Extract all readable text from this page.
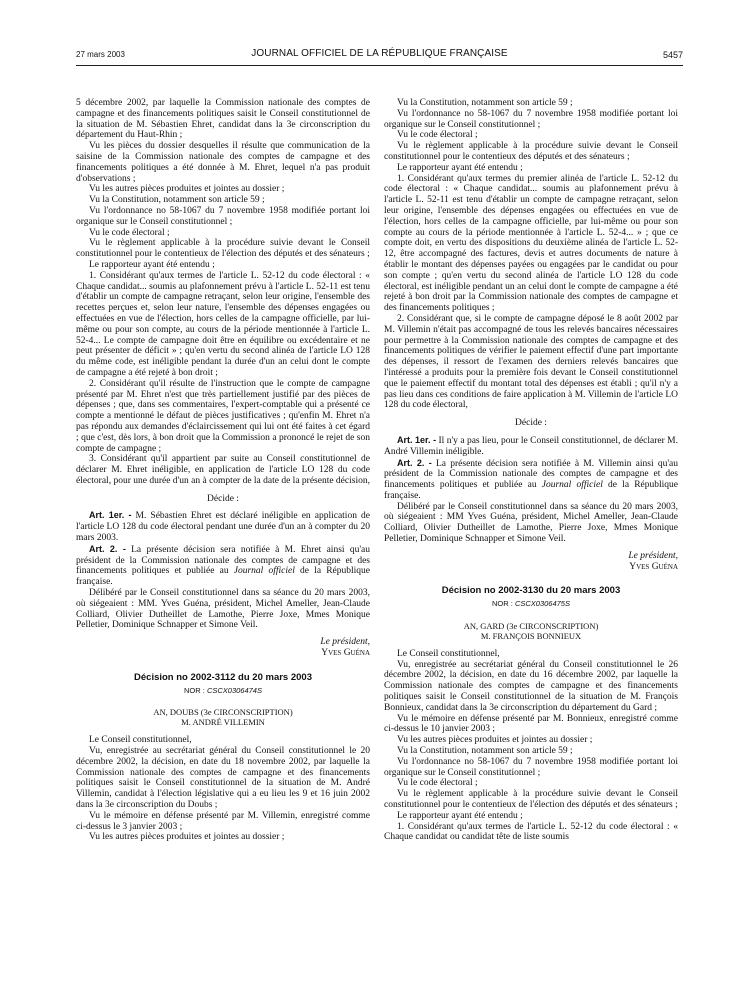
27 mars 2003	JOURNAL OFFICIEL DE LA RÉPUBLIQUE FRANÇAISE	5457

5 décembre 2002, par laquelle la Commission nationale des comptes de campagne et des financements politiques saisit le Conseil constitutionnel de la situation de M. Sébastien Ehret, candidat dans la 3e circonscription du département du Haut-Rhin ;

Vu les pièces du dossier desquelles il résulte que communication de la saisine de la Commission nationale des comptes de campagne et des financements politiques a été donnée à M. Ehret, lequel n'a pas produit d'observations ;

Vu les autres pièces produites et jointes au dossier ;

Vu la Constitution, notamment son article 59 ;

Vu l'ordonnance no 58-1067 du 7 novembre 1958 modifiée portant loi organique sur le Conseil constitutionnel ;

Vu le code électoral ;

Vu le règlement applicable à la procédure suivie devant le Conseil constitutionnel pour le contentieux de l'élection des députés et des sénateurs ;

Le rapporteur ayant été entendu ;

1. Considérant qu'aux termes de l'article L. 52-12 du code électoral : « Chaque candidat... soumis au plafonnement prévu à l'article L. 52-11 est tenu d'établir un compte de campagne retraçant, selon leur origine, l'ensemble des recettes perçues et, selon leur nature, l'ensemble des dépenses engagées ou effectuées en vue de l'élection, hors celles de la campagne officielle, par lui-même ou pour son compte, au cours de la période mentionnée à l'article L. 52-4... Le compte de campagne doit être en équilibre ou excédentaire et ne peut présenter de déficit » ; qu'en vertu du second alinéa de l'article LO 128 du même code, est inéligible pendant la durée d'un an celui dont le compte de campagne a été rejeté à bon droit ;

2. Considérant qu'il résulte de l'instruction que le compte de campagne présenté par M. Ehret n'est que très partiellement justifié par des pièces de dépenses ; que, dans ses commentaires, l'expert-comptable qui a présenté ce compte a mentionné le défaut de pièces justificatives ; qu'enfin M. Ehret n'a pas répondu aux demandes d'éclaircissement qui lui ont été faites à cet égard ; que c'est, dès lors, à bon droit que la Commission a prononcé le rejet de son compte de campagne ;

3. Considérant qu'il appartient par suite au Conseil constitutionnel de déclarer M. Ehret inéligible, en application de l'article LO 128 du code électoral, pour une durée d'un an à compter de la date de la présente décision,

Décide :

Art. 1er. - M. Sébastien Ehret est déclaré inéligible en application de l'article LO 128 du code électoral pendant une durée d'un an à compter du 20 mars 2003.

Art. 2. - La présente décision sera notifiée à M. Ehret ainsi qu'au président de la Commission nationale des comptes de campagne et des financements politiques et publiée au Journal officiel de la République française.

Délibéré par le Conseil constitutionnel dans sa séance du 20 mars 2003, où siégeaient : MM. Yves Guéna, président, Michel Ameller, Jean-Claude Colliard, Olivier Dutheillet de Lamothe, Pierre Joxe, Mmes Monique Pelletier, Dominique Schnapper et Simone Veil.

Le président,
Yves Guéna

Décision no 2002-3112 du 20 mars 2003

NOR : CSCX0306474S

AN, DOUBS (3e CIRCONSCRIPTION)

M. ANDRÉ VILLEMIN

Le Conseil constitutionnel,

Vu, enregistrée au secrétariat général du Conseil constitutionnel le 20 décembre 2002, la décision, en date du 18 novembre 2002, par laquelle la Commission nationale des comptes de campagne et des financements politiques saisit le Conseil constitutionnel de la situation de M. André Villemin, candidat à l'élection législative qui a eu lieu les 9 et 16 juin 2002 dans la 3e circonscription du Doubs ;

Vu le mémoire en défense présenté par M. Villemin, enregistré comme ci-dessus le 3 janvier 2003 ;

Vu les autres pièces produites et jointes au dossier ;

Vu la Constitution, notamment son article 59 ;

Vu l'ordonnance no 58-1067 du 7 novembre 1958 modifiée portant loi organique sur le Conseil constitutionnel ;

Vu le code électoral ;

Vu le règlement applicable à la procédure suivie devant le Conseil constitutionnel pour le contentieux des députés et des sénateurs ;

Le rapporteur ayant été entendu ;

1. Considérant qu'aux termes du premier alinéa de l'article L. 52-12 du code électoral : « Chaque candidat... soumis au plafonnement prévu à l'article L. 52-11 est tenu d'établir un compte de campagne retraçant, selon leur origine, l'ensemble des dépenses engagées ou effectuées en vue de l'élection, hors celles de la campagne officielle, par lui-même ou pour son compte au cours de la période mentionnée à l'article L. 52-4... » ; que ce compte doit, en vertu des dispositions du deuxième alinéa de l'article L. 52-12, être accompagné des factures, devis et autres documents de nature à établir le montant des dépenses payées ou engagées par le candidat ou pour son compte ; qu'en vertu du second alinéa de l'article LO 128 du code électoral, est inéligible pendant un an celui dont le compte de campagne a été rejeté à bon droit par la Commission nationale des comptes de campagne et des financements politiques ;

2. Considérant que, si le compte de campagne déposé le 8 août 2002 par M. Villemin n'était pas accompagné de tous les relevés bancaires nécessaires pour permettre à la Commission nationale des comptes de campagne et des financements politiques de vérifier le paiement effectif d'une part importante des dépenses, il ressort de l'examen des derniers relevés bancaires que l'intéressé a produits pour la première fois devant le Conseil constitutionnel que le paiement effectif du montant total des dépenses est établi ; qu'il n'y a pas lieu dans ces conditions de faire application à M. Villemin de l'article LO 128 du code électoral,

Décide :

Art. 1er. - Il n'y a pas lieu, pour le Conseil constitutionnel, de déclarer M. André Villemin inéligible.

Art. 2. - La présente décision sera notifiée à M. Villemin ainsi qu'au président de la Commission nationale des comptes de campagne et des financements politiques et publiée au Journal officiel de la République française.

Délibéré par le Conseil constitutionnel dans sa séance du 20 mars 2003, où siégeaient : MM Yves Guéna, président, Michel Ameller, Jean-Claude Colliard, Olivier Dutheillet de Lamothe, Pierre Joxe, Mmes Monique Pelletier, Dominique Schnapper et Simone Veil.

Le président,
Yves Guéna

Décision no 2002-3130 du 20 mars 2003

NOR : CSCX0306475S

AN, GARD (3e CIRCONSCRIPTION)

M. FRANÇOIS BONNIEUX

Le Conseil constitutionnel,

Vu, enregistrée au secrétariat général du Conseil constitutionnel le 26 décembre 2002, la décision, en date du 16 décembre 2002, par laquelle la Commission nationale des comptes de campagne et des financements politiques saisit le Conseil constitutionnel de la situation de M. François Bonnieux, candidat dans la 3e circonscription du département du Gard ;

Vu le mémoire en défense présenté par M. Bonnieux, enregistré comme ci-dessus le 10 janvier 2003 ;

Vu les autres pièces produites et jointes au dossier ;

Vu la Constitution, notamment son article 59 ;

Vu l'ordonnance no 58-1067 du 7 novembre 1958 modifiée portant loi organique sur le Conseil constitutionnel ;

Vu le code électoral ;

Vu le règlement applicable à la procédure suivie devant le Conseil constitutionnel pour le contentieux de l'élection des députés et des sénateurs ;

Le rapporteur ayant été entendu ;

1. Considérant qu'aux termes de l'article L. 52-12 du code électoral : « Chaque candidat ou candidat tête de liste soumis
